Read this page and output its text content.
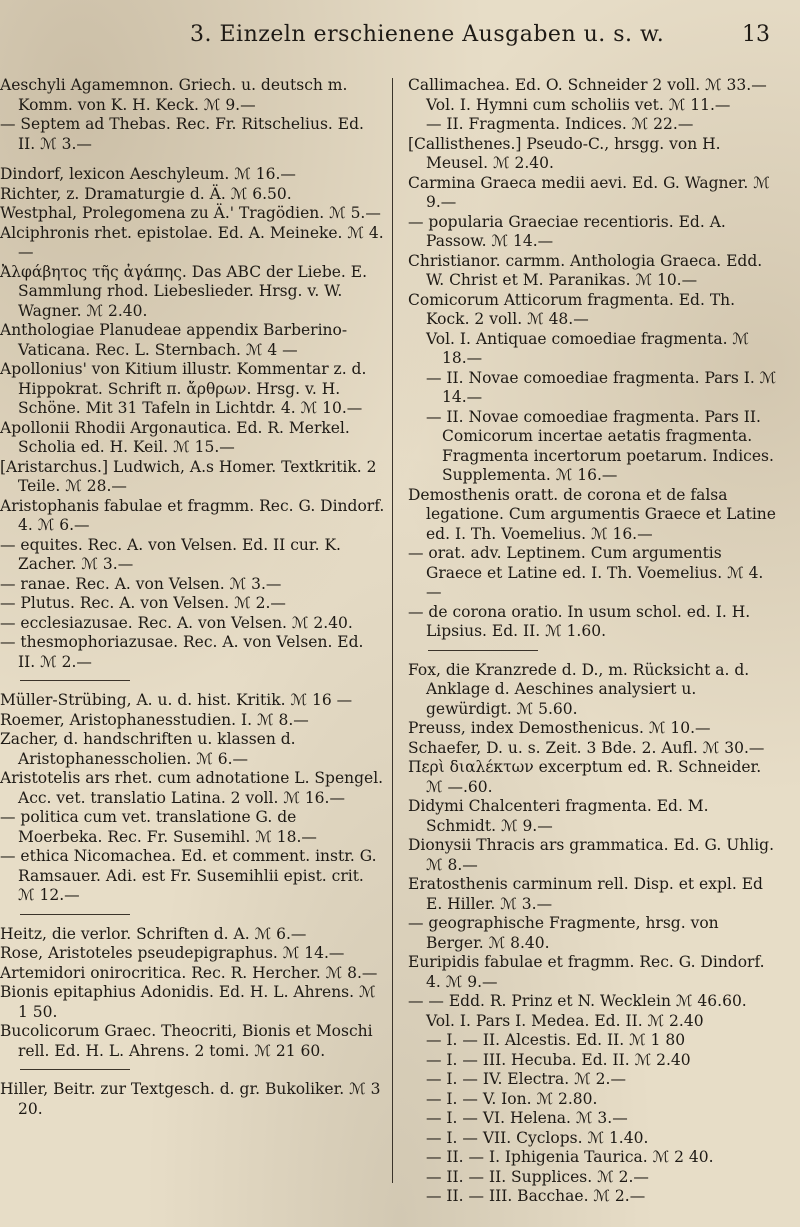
3. Einzeln erschienene Ausgaben u. s. w.	13
Aeschyli Agamemnon. Griech. u. deutsch m. Komm. von K. H. Keck. ℳ 9.—
— Septem ad Thebas. Rec. Fr. Ritschelius. Ed. II. ℳ 3.—
Dindorf, lexicon Aeschyleum. ℳ 16.—
Richter, z. Dramaturgie d. Ä. ℳ 6.50.
Westphal, Prolegomena zu Ä.' Tragödien. ℳ 5.—
Alciphronis rhet. epistolae. Ed. A. Meineke. ℳ 4.—
Ἀλφάβητος τῆς ἀγάπης. Das ABC der Liebe. E. Sammlung rhod. Liebeslieder. Hrsg. v. W. Wagner. ℳ 2.40.
Anthologiae Planudeae appendix Barberino-Vaticana. Rec. L. Sternbach. ℳ 4 —
Apollonius' von Kitium illustr. Kommentar z. d. Hippokrat. Schrift π. ἄρθρων. Hrsg. v. H. Schöne. Mit 31 Tafeln in Lichtdr. 4. ℳ 10.—
Apollonii Rhodii Argonautica. Ed. R. Merkel. Scholia ed. H. Keil. ℳ 15.—
[Aristarchus.] Ludwich, A.s Homer. Textkritik. 2 Teile. ℳ 28.—
Aristophanis fabulae et fragmm. Rec. G. Dindorf. 4. ℳ 6.—
— equites. Rec. A. von Velsen. Ed. II cur. K. Zacher. ℳ 3.—
— ranae. Rec. A. von Velsen. ℳ 3.—
— Plutus. Rec. A. von Velsen. ℳ 2.—
— ecclesiazusae. Rec. A. von Velsen. ℳ 2.40.
— thesmophoriazusae. Rec. A. von Velsen. Ed. II. ℳ 2.—
Müller-Strübing, A. u. d. hist. Kritik. ℳ 16 —
Roemer, Aristophanesstudien. I. ℳ 8.—
Zacher, d. handschriften u. klassen d. Aristophanesscholien. ℳ 6.—
Aristotelis ars rhet. cum adnotatione L. Spengel. Acc. vet. translatio Latina. 2 voll. ℳ 16.—
— politica cum vet. translatione G. de Moerbeka. Rec. Fr. Susemihl. ℳ 18.—
— ethica Nicomachea. Ed. et comment. instr. G. Ramsauer. Adi. est Fr. Susemihlii epist. crit. ℳ 12.—
Heitz, die verlor. Schriften d. A. ℳ 6.—
Rose, Aristoteles pseudepigraphus. ℳ 14.—
Artemidori onirocritica. Rec. R. Hercher. ℳ 8.—
Bionis epitaphius Adonidis. Ed. H. L. Ahrens. ℳ 1 50.
Bucolicorum Graec. Theocriti, Bionis et Moschi rell. Ed. H. L. Ahrens. 2 tomi. ℳ 21 60.
Hiller, Beitr. zur Textgesch. d. gr. Bukoliker. ℳ 3 20.
Callimachea. Ed. O. Schneider 2 voll. ℳ 33.—
Vol. I. Hymni cum scholiis vet. ℳ 11.—
— II. Fragmenta. Indices. ℳ 22.—
[Callisthenes.] Pseudo-C., hrsgg. von H. Meusel. ℳ 2.40.
Carmina Graeca medii aevi. Ed. G. Wagner. ℳ 9.—
— popularia Graeciae recentioris. Ed. A. Passow. ℳ 14.—
Christianor. carmm. Anthologia Graeca. Edd. W. Christ et M. Paranikas. ℳ 10.—
Comicorum Atticorum fragmenta. Ed. Th. Kock. 2 voll. ℳ 48.—
Vol. I. Antiquae comoediae fragmenta. ℳ 18.—
— II. Novae comoediae fragmenta. Pars I. ℳ 14.—
— II. Novae comoediae fragmenta. Pars II. Comicorum incertae aetatis fragmenta. Fragmenta incertorum poetarum. Indices. Supplementa. ℳ 16.—
Demosthenis oratt. de corona et de falsa legatione. Cum argumentis Graece et Latine ed. I. Th. Voemelius. ℳ 16.—
— orat. adv. Leptinem. Cum argumentis Graece et Latine ed. I. Th. Voemelius. ℳ 4.—
— de corona oratio. In usum schol. ed. I. H. Lipsius. Ed. II. ℳ 1.60.
Fox, die Kranzrede d. D., m. Rücksicht a. d. Anklage d. Aeschines analysiert u. gewürdigt. ℳ 5.60.
Preuss, index Demosthenicus. ℳ 10.—
Schaefer, D. u. s. Zeit. 3 Bde. 2. Aufl. ℳ 30.—
Περὶ διαλέκτων excerptum ed. R. Schneider. ℳ —.60.
Didymi Chalcenteri fragmenta. Ed. M. Schmidt. ℳ 9.—
Dionysii Thracis ars grammatica. Ed. G. Uhlig. ℳ 8.—
Eratosthenis carminum rell. Disp. et expl. Ed E. Hiller. ℳ 3.—
— geographische Fragmente, hrsg. von Berger. ℳ 8.40.
Euripidis fabulae et fragmm. Rec. G. Dindorf. 4. ℳ 9.—
— — Edd. R. Prinz et N. Wecklein ℳ 46.60.
Vol. I. Pars I. Medea. Ed. II. ℳ 2.40
— I. — II. Alcestis. Ed. II. ℳ 1 80
— I. — III. Hecuba. Ed. II. ℳ 2.40
— I. — IV. Electra. ℳ 2.—
— I. — V. Ion. ℳ 2.80.
— I. — VI. Helena. ℳ 3.—
— I. — VII. Cyclops. ℳ 1.40.
— II. — I. Iphigenia Taurica. ℳ 2 40.
— II. — II. Supplices. ℳ 2.—
— II. — III. Bacchae. ℳ 2.—
